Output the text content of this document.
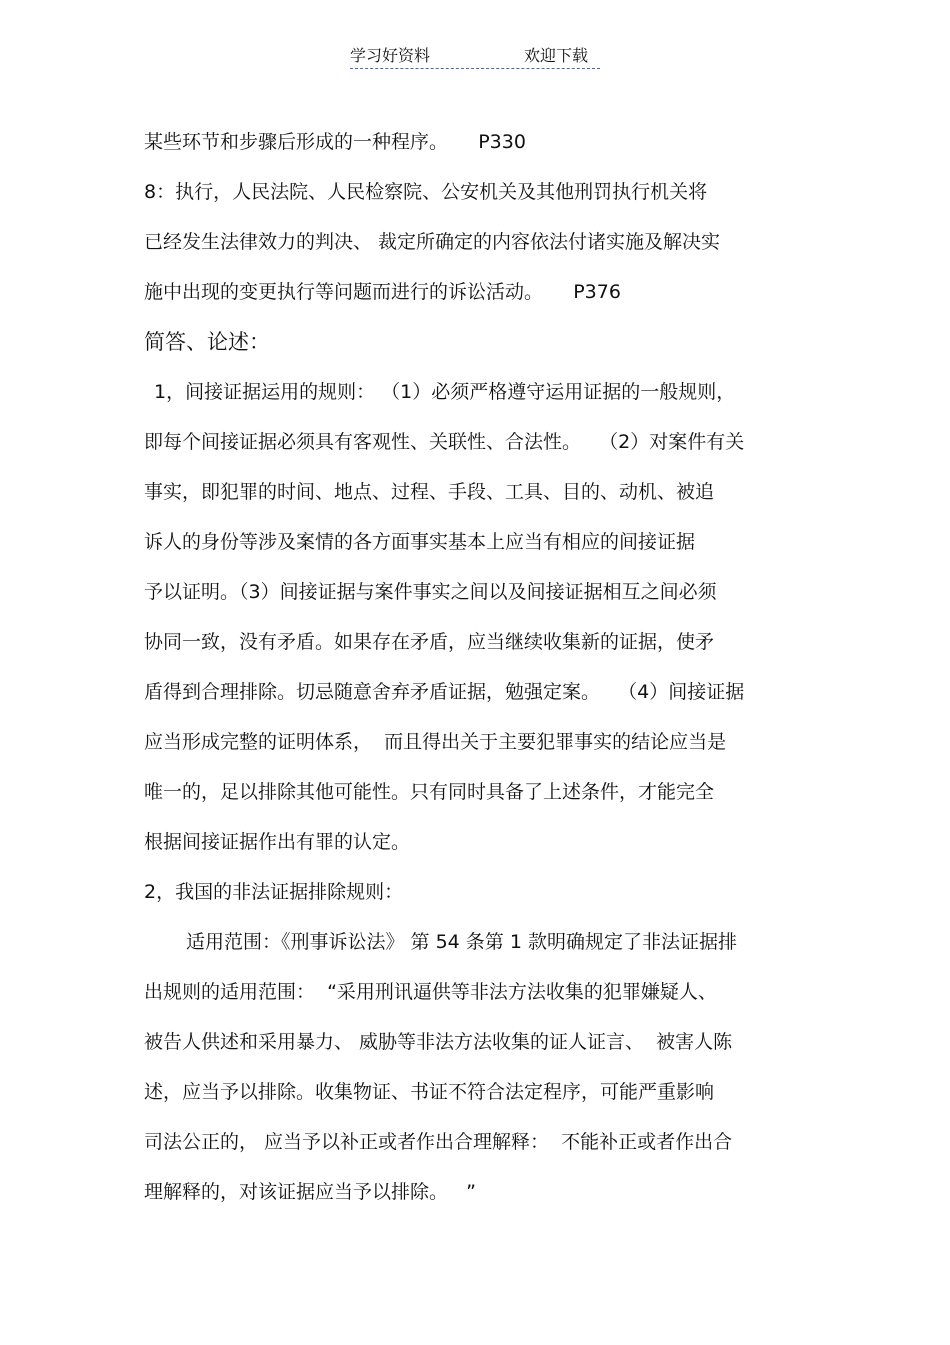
学习好资料	欢迎下载
某些环节和步骤后形成的一种程序。     P330
8：执行，人民法院、人民检察院、公安机关及其他刑罚执行机关将
已经发生法律效力的判决、 裁定所确定的内容依法付诸实施及解决实
施中出现的变更执行等问题而进行的诉讼活动。     P376
简答、论述：
1，间接证据运用的规则： （1）必须严格遵守运用证据的一般规则，
即每个间接证据必须具有客观性、关联性、合法性。   （2）对案件有关
事实，即犯罪的时间、地点、过程、手段、工具、目的、动机、被追
诉人的身份等涉及案情的各方面事实基本上应当有相应的间接证据
予以证明。（3）间接证据与案件事实之间以及间接证据相互之间必须
协同一致，没有矛盾。如果存在矛盾，应当继续收集新的证据，使矛
盾得到合理排除。切忌随意舍弃矛盾证据，勉强定案。   （4）间接证据
应当形成完整的证明体系，  而且得出关于主要犯罪事实的结论应当是
唯一的，足以排除其他可能性。只有同时具备了上述条件，才能完全
根据间接证据作出有罪的认定。
2，我国的非法证据排除规则：
适用范围：《刑事诉讼法》 第 54 条第 1 款明确规定了非法证据排
出规则的适用范围：  “采用刑讯逼供等非法方法收集的犯罪嫌疑人、
被告人供述和采用暴力、 威胁等非法方法收集的证人证言、  被害人陈
述，应当予以排除。收集物证、书证不符合法定程序，可能严重影响
司法公正的， 应当予以补正或者作出合理解释：  不能补正或者作出合
理解释的，对该证据应当予以排除。   ”
